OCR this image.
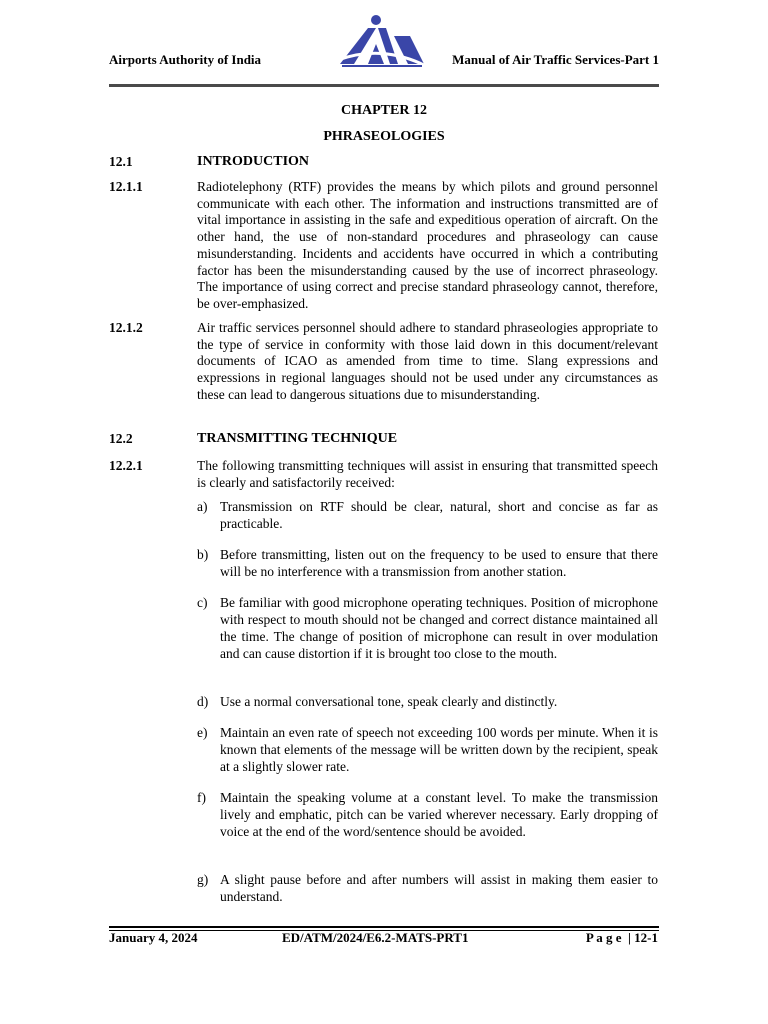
Airports Authority of India	Manual of Air Traffic Services-Part 1
CHAPTER 12
PHRASEOLOGIES
12.1	INTRODUCTION
12.1.1	Radiotelephony (RTF) provides the means by which pilots and ground personnel communicate with each other. The information and instructions transmitted are of vital importance in assisting in the safe and expeditious operation of aircraft. On the other hand, the use of non-standard procedures and phraseology can cause misunderstanding. Incidents and accidents have occurred in which a contributing factor has been the misunderstanding caused by the use of incorrect phraseology. The importance of using correct and precise standard phraseology cannot, therefore, be over-emphasized.
12.1.2	Air traffic services personnel should adhere to standard phraseologies appropriate to the type of service in conformity with those laid down in this document/relevant documents of ICAO as amended from time to time. Slang expressions and expressions in regional languages should not be used under any circumstances as these can lead to dangerous situations due to misunderstanding.
12.2	TRANSMITTING TECHNIQUE
12.2.1	The following transmitting techniques will assist in ensuring that transmitted speech is clearly and satisfactorily received:
a) Transmission on RTF should be clear, natural, short and concise as far as practicable.
b) Before transmitting, listen out on the frequency to be used to ensure that there will be no interference with a transmission from another station.
c) Be familiar with good microphone operating techniques. Position of microphone with respect to mouth should not be changed and correct distance maintained all the time. The change of position of microphone can result in over modulation and can cause distortion if it is brought too close to the mouth.
d) Use a normal conversational tone, speak clearly and distinctly.
e) Maintain an even rate of speech not exceeding 100 words per minute. When it is known that elements of the message will be written down by the recipient, speak at a slightly slower rate.
f) Maintain the speaking volume at a constant level. To make the transmission lively and emphatic, pitch can be varied wherever necessary. Early dropping of voice at the end of the word/sentence should be avoided.
g) A slight pause before and after numbers will assist in making them easier to understand.
January 4, 2024	ED/ATM/2024/E6.2-MATS-PRT1	P a g e  | 12-1
